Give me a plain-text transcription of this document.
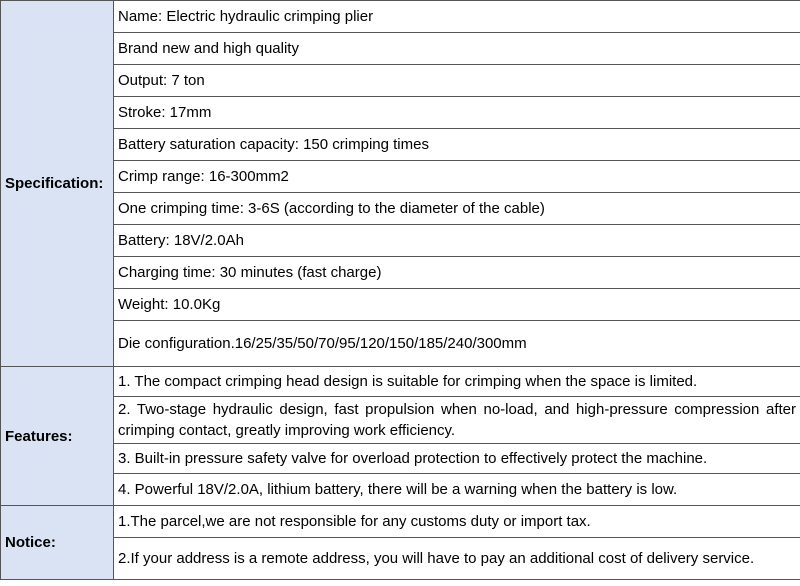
Specification:	Name: Electric hydraulic crimping plier
	Brand new and high quality
	Output: 7 ton
	Stroke: 17mm
	Battery saturation capacity: 150 crimping times
	Crimp range: 16-300mm2
	One crimping time: 3-6S (according to the diameter of the cable)
	Battery: 18V/2.0Ah
	Charging time: 30 minutes (fast charge)
	Weight: 10.0Kg
	Die configuration.16/25/35/50/70/95/120/150/185/240/300mm
Features:	1. The compact crimping head design is suitable for crimping when the space is limited.
	2. Two-stage hydraulic design, fast propulsion when no-load, and high-pressure compression after crimping contact, greatly improving work efficiency.
	3. Built-in pressure safety valve for overload protection to effectively protect the machine.
	4. Powerful 18V/2.0A, lithium battery, there will be a warning when the battery is low.
Notice:	1.The parcel,we are not responsible for any customs duty or import tax.
	2.If your address is a remote address, you will have to pay an additional cost of delivery service.
